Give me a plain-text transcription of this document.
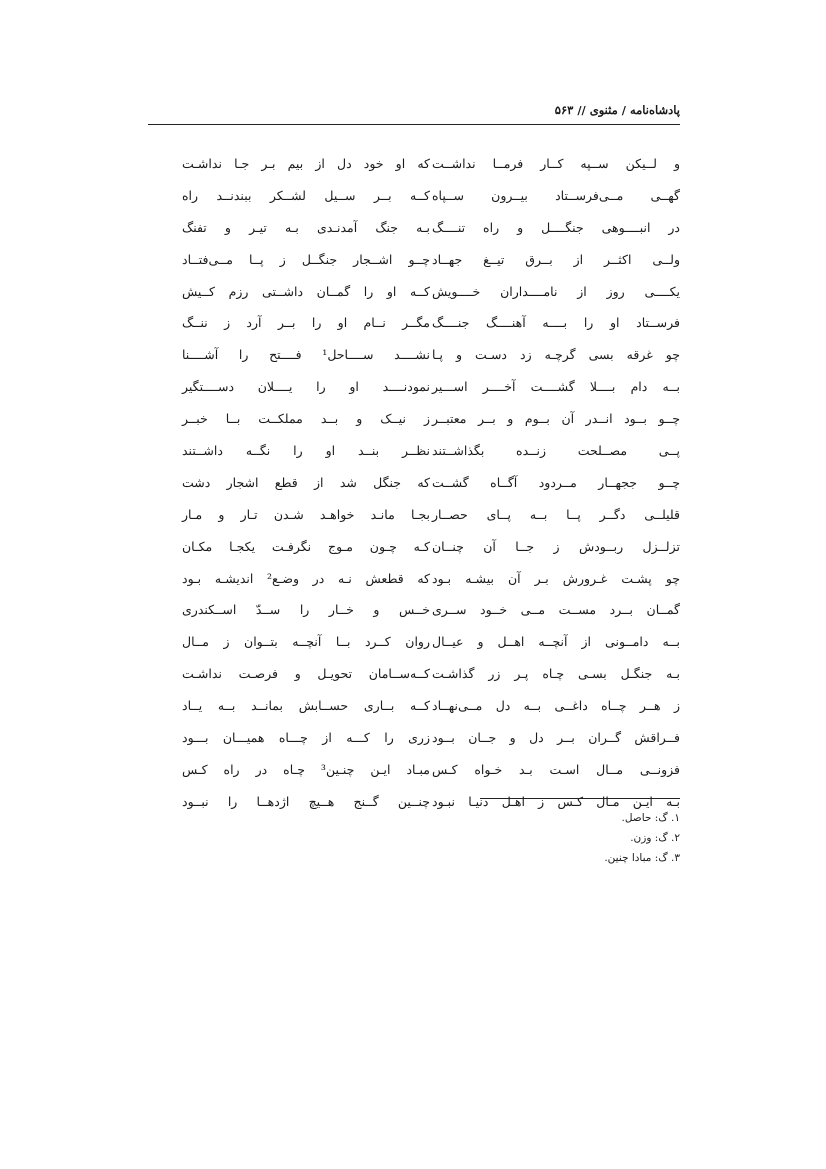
پادشاه‌نامه / مثنوی // ۵۶۳
و لــیکن ســپه کــار فرمــا نداشــت
گهــی مــی‌فرســتاد بیــرون ســپاه
در انبــــوهی جنگــــل و راه تنــــگ
ولــی اکثــر از بــرق تیــغ جهــاد
یکــــی روز از نامــــداران خــــویش
فرســتاد او را بــــه آهنــــگ جنــــگ
چو غرقه بسی گرچـه زد دسـت و پـا
بــه دام بــــلا گشــــت آخــــر اســـیر
چــو بــود انــدر آن بــوم و بــر معتبــر
پــی مصــلحت زنــده بگذاشــتند
چــو ججهــار مــردود آگــاه گشــت
قلیلــی دگــر پــا بــه پــای حصــار
تزلــزل ربــودش ز جــا آن چنــان
چو پشـت غـرورش بـر آن بیشـه بـود
گمــان بــرد مســت مــی خــود ســری
بــه دامــونی از آنچــه اهــل و عیــال
بـه جنگـل بسـی چـاه پـر زر گذاشـت
ز هــر چــاه داغــی بــه دل مــی‌نهــاد
فــراقش گــران بــر دل و جــان بــود
فزونــی مــال اسـت بـد خـواه کـس
بـه ایـن مـال کـس ز اهـل دنیـا نبـود
که او خود دل از بیم بـر جـا نداشـت
کــه بــر ســیل لشــکر ببندنــد راه
بـه جنگ آمدنـدی بـه تیـر و تفنگ
چــو اشــجار جنگــل ز پــا مــی‌فتــاد
کــه او را گمــان داشــتی رزم کــیش
مگــر نــام او را بــر آرد ز ننــگ
نشــــد ســــاحل¹ فــــتح را آشــــنا
نمودنــــد او را یــــلان دســــتگیر
ز نیــک و بــد مملکــت بــا خبــر
نظــر بنــد او را نگــه داشــتند
که جنگل شد از قطع اشجار دشت
بجـا مانـد خواهـد شـدن تـار و مـار
کـه چـون مـوج نگرفـت یکجـا مکـان
که قطعش نـه در وضـع² اندیشـه بـود
خــس و خــار را ســدّ اســکندری
روان کــرد بــا آنچــه بتــوان ز مــال
کــه‌ســامان تحویـل و فرصـت نداشـت
کــه بــاری حســابش بمانــد بــه یــاد
زری را کـــه از چـــاه همیـــان بـــود
مبـاد ایـن چنـین³ چـاه در راه کـس
چنــین گــنج هــیچ اژدهــا را نبــود
۱. گ: حاصل.
۲. گ: وزن.
۳. گ: مبادا چنین.
